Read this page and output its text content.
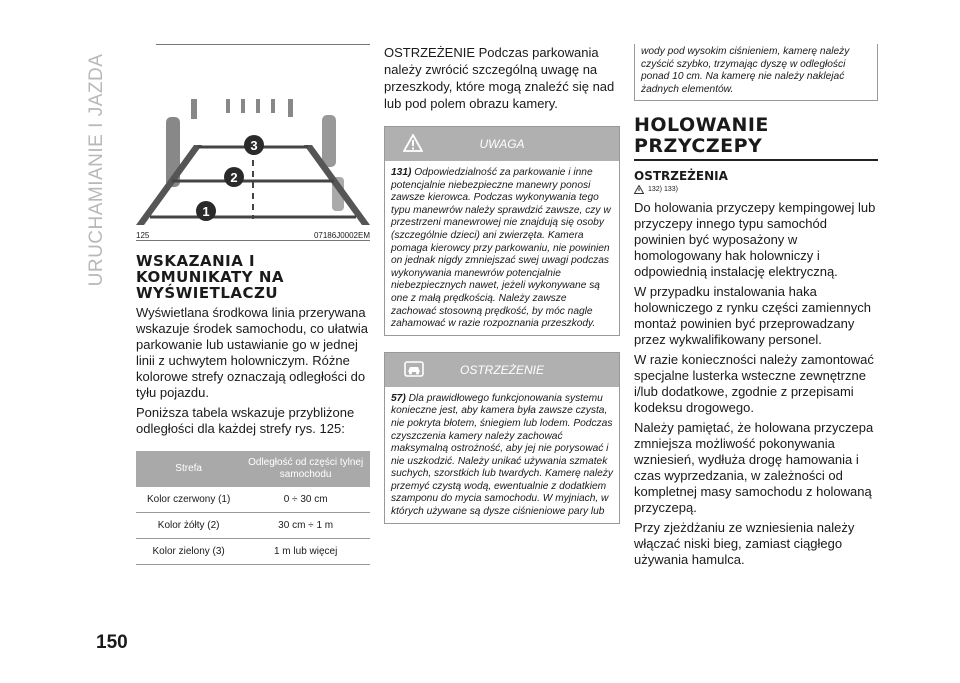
URUCHAMIANIE I JAZDA
150
3
2
1
125	07186J0002EM
WSKAZANIA I KOMUNIKATY NA WYŚWIETLACZU

Wyświetlana środkowa linia przerywana wskazuje środek samochodu, co ułatwia parkowanie lub ustawianie go w jednej linii z uchwytem holowniczym. Różne kolorowe strefy oznaczają odległości do tyłu pojazdu.

Poniższa tabela wskazuje przybliżone odległości dla każdej strefy rys. 125:

Strefa	Odległość od części tylnej samochodu
Kolor czerwony (1)	0 ÷ 30 cm
Kolor żółty (2)	30 cm ÷ 1 m
Kolor zielony (3)	1 m lub więcej

OSTRZEŻENIE Podczas parkowania należy zwrócić szczególną uwagę na przeszkody, które mogą znaleźć się nad lub pod polem obrazu kamery.

UWAGA
131) Odpowiedzialność za parkowanie i inne potencjalnie niebezpieczne manewry ponosi zawsze kierowca. Podczas wykonywania tego typu manewrów należy sprawdzić zawsze, czy w przestrzeni manewrowej nie znajdują się osoby (szczególnie dzieci) ani zwierzęta. Kamera pomaga kierowcy przy parkowaniu, nie powinien on jednak nigdy zmniejszać swej uwagi podczas wykonywania manewrów potencjalnie niebezpiecznych nawet, jeżeli wykonywane są one z małą prędkością. Należy zawsze zachować stosowną prędkość, by móc nagle zahamować w razie rozpoznania przeszkody.
OSTRZEŻENIE
57) Dla prawidłowego funkcjonowania systemu konieczne jest, aby kamera była zawsze czysta, nie pokryta błotem, śniegiem lub lodem. Podczas czyszczenia kamery należy zachować maksymalną ostrożność, aby jej nie porysować i nie uszkodzić. Należy unikać używania szmatek suchych, szorstkich lub twardych. Kamerę należy przemyć czystą wodą, ewentualnie z dodatkiem szamponu do mycia samochodu. W myjniach, w których używane są dysze ciśnieniowe pary lub
wody pod wysokim ciśnieniem, kamerę należy czyścić szybko, trzymając dyszę w odległości ponad 10 cm. Na kamerę nie należy naklejać żadnych elementów.
HOLOWANIE PRZYCZEPY
OSTRZEŻENIA
132) 133)

Do holowania przyczepy kempingowej lub przyczepy innego typu samochód powinien być wyposażony w homologowany hak holowniczy i odpowiednią instalację elektryczną.

W przypadku instalowania haka holowniczego z rynku części zamiennych montaż powinien być przeprowadzany przez wykwalifikowany personel.

W razie konieczności należy zamontować specjalne lusterka wsteczne zewnętrzne i/lub dodatkowe, zgodnie z przepisami kodeksu drogowego.

Należy pamiętać, że holowana przyczepa zmniejsza możliwość pokonywania wzniesień, wydłuża drogę hamowania i czas wyprzedzania, w zależności od kompletnej masy samochodu z holowaną przyczepą.

Przy zjeżdżaniu ze wzniesienia należy włączać niski bieg, zamiast ciągłego używania hamulca.
